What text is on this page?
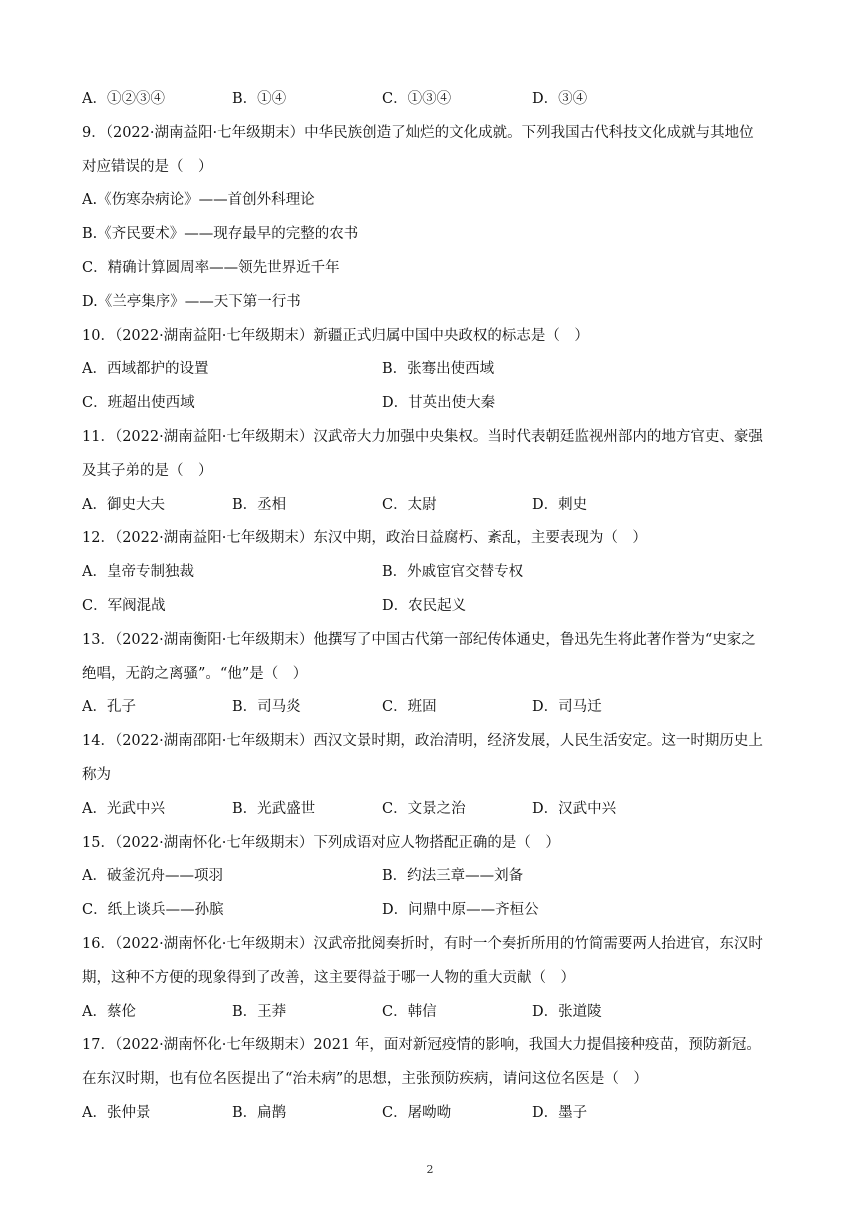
A．①②③④	B．①④	C．①③④	D．③④
9．（2022·湖南益阳·七年级期末）中华民族创造了灿烂的文化成就。下列我国古代科技文化成就与其地位
对应错误的是（　）
A.《伤寒杂病论》——首创外科理论
B.《齐民要术》——现存最早的完整的农书
C．精确计算圆周率——领先世界近千年
D.《兰亭集序》——天下第一行书
10．（2022·湖南益阳·七年级期末）新疆正式归属中国中央政权的标志是（　）
A．西域都护的设置	B．张骞出使西域
C．班超出使西域	D．甘英出使大秦
11．（2022·湖南益阳·七年级期末）汉武帝大力加强中央集权。当时代表朝廷监视州部内的地方官吏、豪强
及其子弟的是（　）
A．御史大夫	B．丞相	C．太尉	D．刺史
12．（2022·湖南益阳·七年级期末）东汉中期，政治日益腐朽、紊乱，主要表现为（　）
A．皇帝专制独裁	B．外戚宦官交替专权
C．军阀混战	D．农民起义
13．（2022·湖南衡阳·七年级期末）他撰写了中国古代第一部纪传体通史，鲁迅先生将此著作誉为“史家之
绝唱，无韵之离骚”。“他”是（　）
A．孔子	B．司马炎	C．班固	D．司马迁
14．（2022·湖南邵阳·七年级期末）西汉文景时期，政治清明，经济发展，人民生活安定。这一时期历史上
称为
A．光武中兴	B．光武盛世	C．文景之治	D．汉武中兴
15．（2022·湖南怀化·七年级期末）下列成语对应人物搭配正确的是（　）
A．破釜沉舟——项羽	B．约法三章——刘备
C．纸上谈兵——孙膑	D．问鼎中原——齐桓公
16．（2022·湖南怀化·七年级期末）汉武帝批阅奏折时，有时一个奏折所用的竹简需要两人抬进官，东汉时
期，这种不方便的现象得到了改善，这主要得益于哪一人物的重大贡献（　）
A．蔡伦	B．王莽	C．韩信	D．张道陵
17．（2022·湖南怀化·七年级期末）2021 年，面对新冠疫情的影响，我国大力提倡接种疫苗，预防新冠。
在东汉时期，也有位名医提出了“治未病”的思想，主张预防疾病，请问这位名医是（　）
A．张仲景	B．扁鹊	C．屠呦呦	D．墨子
2
